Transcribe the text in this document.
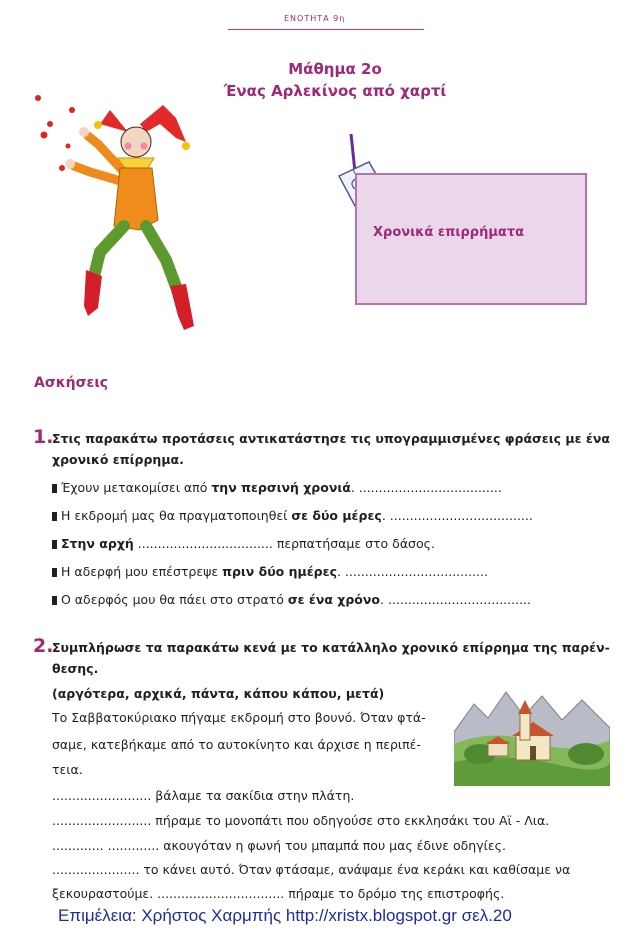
ΕΝΟΤΗΤΑ 9η
Μάθημα 2ο
Ένας Αρλεκίνος από χαρτί
Χρονικά επιρρήματα
Ασκήσεις
1.
Στις παρακάτω προτάσεις αντικατάστησε τις υπογραμμισμένες φράσεις με ένα
χρονικό επίρρημα.
Έχουν μετακομίσει από την περσινή χρονιά. ....................................
Η εκδρομή μας θα πραγματοποιηθεί σε δύο μέρες. ....................................
Στην αρχή .................................. περπατήσαμε στο δάσος.
Η αδερφή μου επέστρεψε πριν δύο ημέρες. ....................................
Ο αδερφός μου θα πάει στο στρατό σε ένα χρόνο. ....................................
2.
Συμπλήρωσε τα παρακάτω κενά με το κατάλληλο χρονικό επίρρημα της παρέν-
θεσης.
(αργότερα, αρχικά, πάντα, κάπου κάπου, μετά)
Το Σαββατοκύριακο πήγαμε εκδρομή στο βουνό. Όταν φτά-
σαμε, κατεβήκαμε από το αυτοκίνητο και άρχισε η περιπέ-
τεια.
......................... βάλαμε τα σακίδια στην πλάτη.
......................... πήραμε το μονοπάτι που οδηγούσε στο εκκλησάκι του Αϊ - Λια.
............. ............. ακουγόταν η φωνή του μπαμπά που μας έδινε οδηγίες.
...................... το κάνει αυτό. Όταν φτάσαμε, ανάψαμε ένα κεράκι και καθίσαμε να
ξεκουραστούμε. ................................ πήραμε το δρόμο της επιστροφής.
Επιμέλεια: Χρήστος Χαρμπής http://xristx.blogspot.gr σελ.20
